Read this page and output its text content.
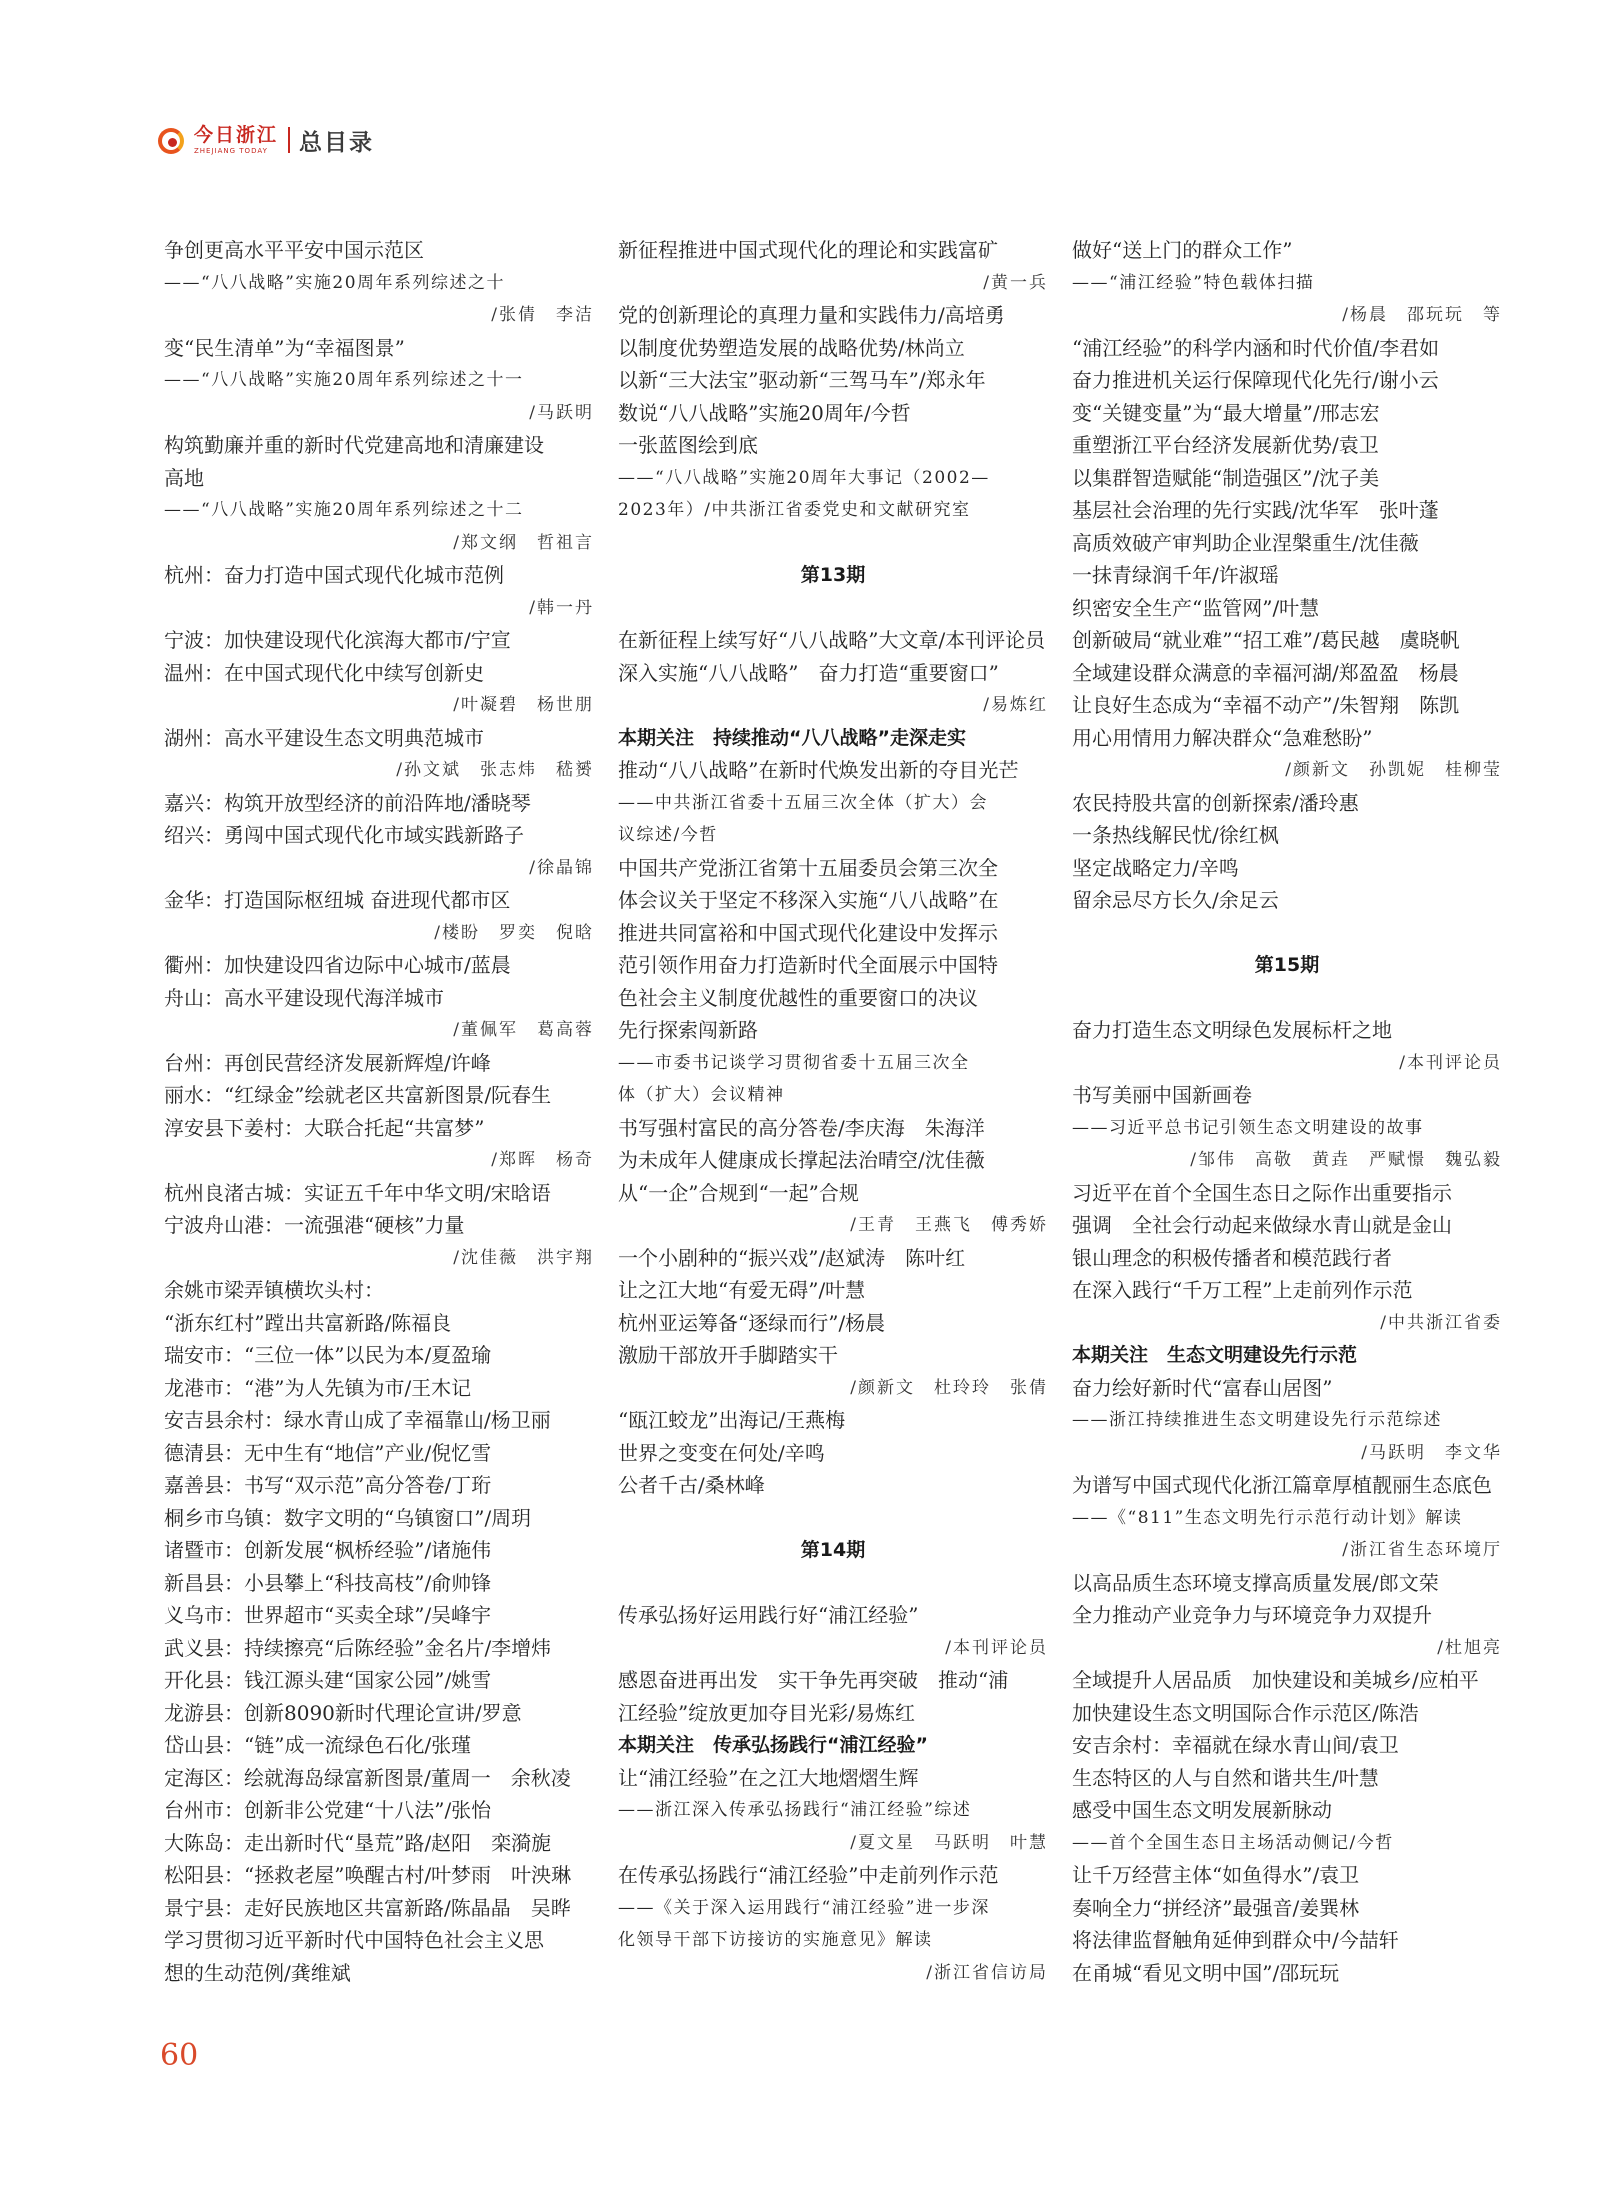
今日浙江
ZHEJIANG TODAY	总目录
争创更高水平平安中国示范区
——“八八战略”实施20周年系列综述之十
/张倩　李洁
变“民生清单”为“幸福图景”
——“八八战略”实施20周年系列综述之十一
/马跃明
构筑勤廉并重的新时代党建高地和清廉建设
高地
——“八八战略”实施20周年系列综述之十二
/郑文纲　哲祖言
杭州：奋力打造中国式现代化城市范例
/韩一丹
宁波：加快建设现代化滨海大都市/宁宣
温州：在中国式现代化中续写创新史
/叶凝碧　杨世朋
湖州：高水平建设生态文明典范城市
/孙文斌　张志炜　嵇赟
嘉兴：构筑开放型经济的前沿阵地/潘晓琴
绍兴：勇闯中国式现代化市域实践新路子
/徐晶锦
金华：打造国际枢纽城 奋进现代都市区
/楼盼　罗奕　倪晗
衢州：加快建设四省边际中心城市/蓝晨
舟山：高水平建设现代海洋城市
/董佩军　葛高蓉
台州：再创民营经济发展新辉煌/许峰
丽水：“红绿金”绘就老区共富新图景/阮春生
淳安县下姜村：大联合托起“共富梦”
/郑晖　杨奇
杭州良渚古城：实证五千年中华文明/宋晗语
宁波舟山港：一流强港“硬核”力量
/沈佳薇　洪宇翔
余姚市梁弄镇横坎头村：
“浙东红村”蹚出共富新路/陈福良
瑞安市：“三位一体”以民为本/夏盈瑜
龙港市：“港”为人先镇为市/王木记
安吉县余村：绿水青山成了幸福靠山/杨卫丽
德清县：无中生有“地信”产业/倪忆雪
嘉善县：书写“双示范”高分答卷/丁珩
桐乡市乌镇：数字文明的“乌镇窗口”/周玥
诸暨市：创新发展“枫桥经验”/诸施伟
新昌县：小县攀上“科技高枝”/俞帅锋
义乌市：世界超市“买卖全球”/吴峰宇
武义县：持续擦亮“后陈经验”金名片/李增炜
开化县：钱江源头建“国家公园”/姚雪
龙游县：创新8090新时代理论宣讲/罗意
岱山县：“链”成一流绿色石化/张瑾
定海区：绘就海岛绿富新图景/董周一　余秋凌
台州市：创新非公党建“十八法”/张怡
大陈岛：走出新时代“垦荒”路/赵阳　栾漪旎
松阳县：“拯救老屋”唤醒古村/叶梦雨　叶泱琳
景宁县：走好民族地区共富新路/陈晶晶　吴晔
学习贯彻习近平新时代中国特色社会主义思
想的生动范例/龚维斌
新征程推进中国式现代化的理论和实践富矿
/黄一兵
党的创新理论的真理力量和实践伟力/高培勇
以制度优势塑造发展的战略优势/林尚立
以新“三大法宝”驱动新“三驾马车”/郑永年
数说“八八战略”实施20周年/今哲
一张蓝图绘到底
——“八八战略”实施20周年大事记（2002—
2023年）/中共浙江省委党史和文献研究室
第13期
在新征程上续写好“八八战略”大文章/本刊评论员
深入实施“八八战略”　奋力打造“重要窗口”
/易炼红
本期关注　持续推动“八八战略”走深走实
推动“八八战略”在新时代焕发出新的夺目光芒
——中共浙江省委十五届三次全体（扩大）会
议综述/今哲
中国共产党浙江省第十五届委员会第三次全
体会议关于坚定不移深入实施“八八战略”在
推进共同富裕和中国式现代化建设中发挥示
范引领作用奋力打造新时代全面展示中国特
色社会主义制度优越性的重要窗口的决议
先行探索闯新路
——市委书记谈学习贯彻省委十五届三次全
体（扩大）会议精神
书写强村富民的高分答卷/李庆海　朱海洋
为未成年人健康成长撑起法治晴空/沈佳薇
从“一企”合规到“一起”合规
/王青　王燕飞　傅秀娇
一个小剧种的“振兴戏”/赵斌涛　陈叶红
让之江大地“有爱无碍”/叶慧
杭州亚运筹备“逐绿而行”/杨晨
激励干部放开手脚踏实干
/颜新文　杜玲玲　张倩
“瓯江蛟龙”出海记/王燕梅
世界之变变在何处/辛鸣
公者千古/桑林峰
第14期
传承弘扬好运用践行好“浦江经验”
/本刊评论员
感恩奋进再出发　实干争先再突破　推动“浦
江经验”绽放更加夺目光彩/易炼红
本期关注　传承弘扬践行“浦江经验”
让“浦江经验”在之江大地熠熠生辉
——浙江深入传承弘扬践行“浦江经验”综述
/夏文星　马跃明　叶慧
在传承弘扬践行“浦江经验”中走前列作示范
——《关于深入运用践行“浦江经验”进一步深
化领导干部下访接访的实施意见》解读
/浙江省信访局
做好“送上门的群众工作”
——“浦江经验”特色载体扫描
/杨晨　邵玩玩　等
“浦江经验”的科学内涵和时代价值/李君如
奋力推进机关运行保障现代化先行/谢小云
变“关键变量”为“最大增量”/邢志宏
重塑浙江平台经济发展新优势/袁卫
以集群智造赋能“制造强区”/沈子美
基层社会治理的先行实践/沈华军　张叶蓬
高质效破产审判助企业涅槃重生/沈佳薇
一抹青绿润千年/许淑瑶
织密安全生产“监管网”/叶慧
创新破局“就业难”“招工难”/葛民越　虞晓帆
全域建设群众满意的幸福河湖/郑盈盈　杨晨
让良好生态成为“幸福不动产”/朱智翔　陈凯
用心用情用力解决群众“急难愁盼”
/颜新文　孙凯妮　桂柳莹
农民持股共富的创新探索/潘玲惠
一条热线解民忧/徐红枫
坚定战略定力/辛鸣
留余忌尽方长久/余足云
第15期
奋力打造生态文明绿色发展标杆之地
/本刊评论员
书写美丽中国新画卷
——习近平总书记引领生态文明建设的故事
/邹伟　高敬　黄垚　严赋憬　魏弘毅
习近平在首个全国生态日之际作出重要指示
强调　全社会行动起来做绿水青山就是金山
银山理念的积极传播者和模范践行者
在深入践行“千万工程”上走前列作示范
/中共浙江省委
本期关注　生态文明建设先行示范
奋力绘好新时代“富春山居图”
——浙江持续推进生态文明建设先行示范综述
/马跃明　李文华
为谱写中国式现代化浙江篇章厚植靓丽生态底色
——《“811”生态文明先行示范行动计划》解读
/浙江省生态环境厅
以高品质生态环境支撑高质量发展/郎文荣
全力推动产业竞争力与环境竞争力双提升
/杜旭亮
全域提升人居品质　加快建设和美城乡/应柏平
加快建设生态文明国际合作示范区/陈浩
安吉余村：幸福就在绿水青山间/袁卫
生态特区的人与自然和谐共生/叶慧
感受中国生态文明发展新脉动
——首个全国生态日主场活动侧记/今哲
让千万经营主体“如鱼得水”/袁卫
奏响全力“拼经济”最强音/姜巽林
将法律监督触角延伸到群众中/今喆轩
在甬城“看见文明中国”/邵玩玩
60
